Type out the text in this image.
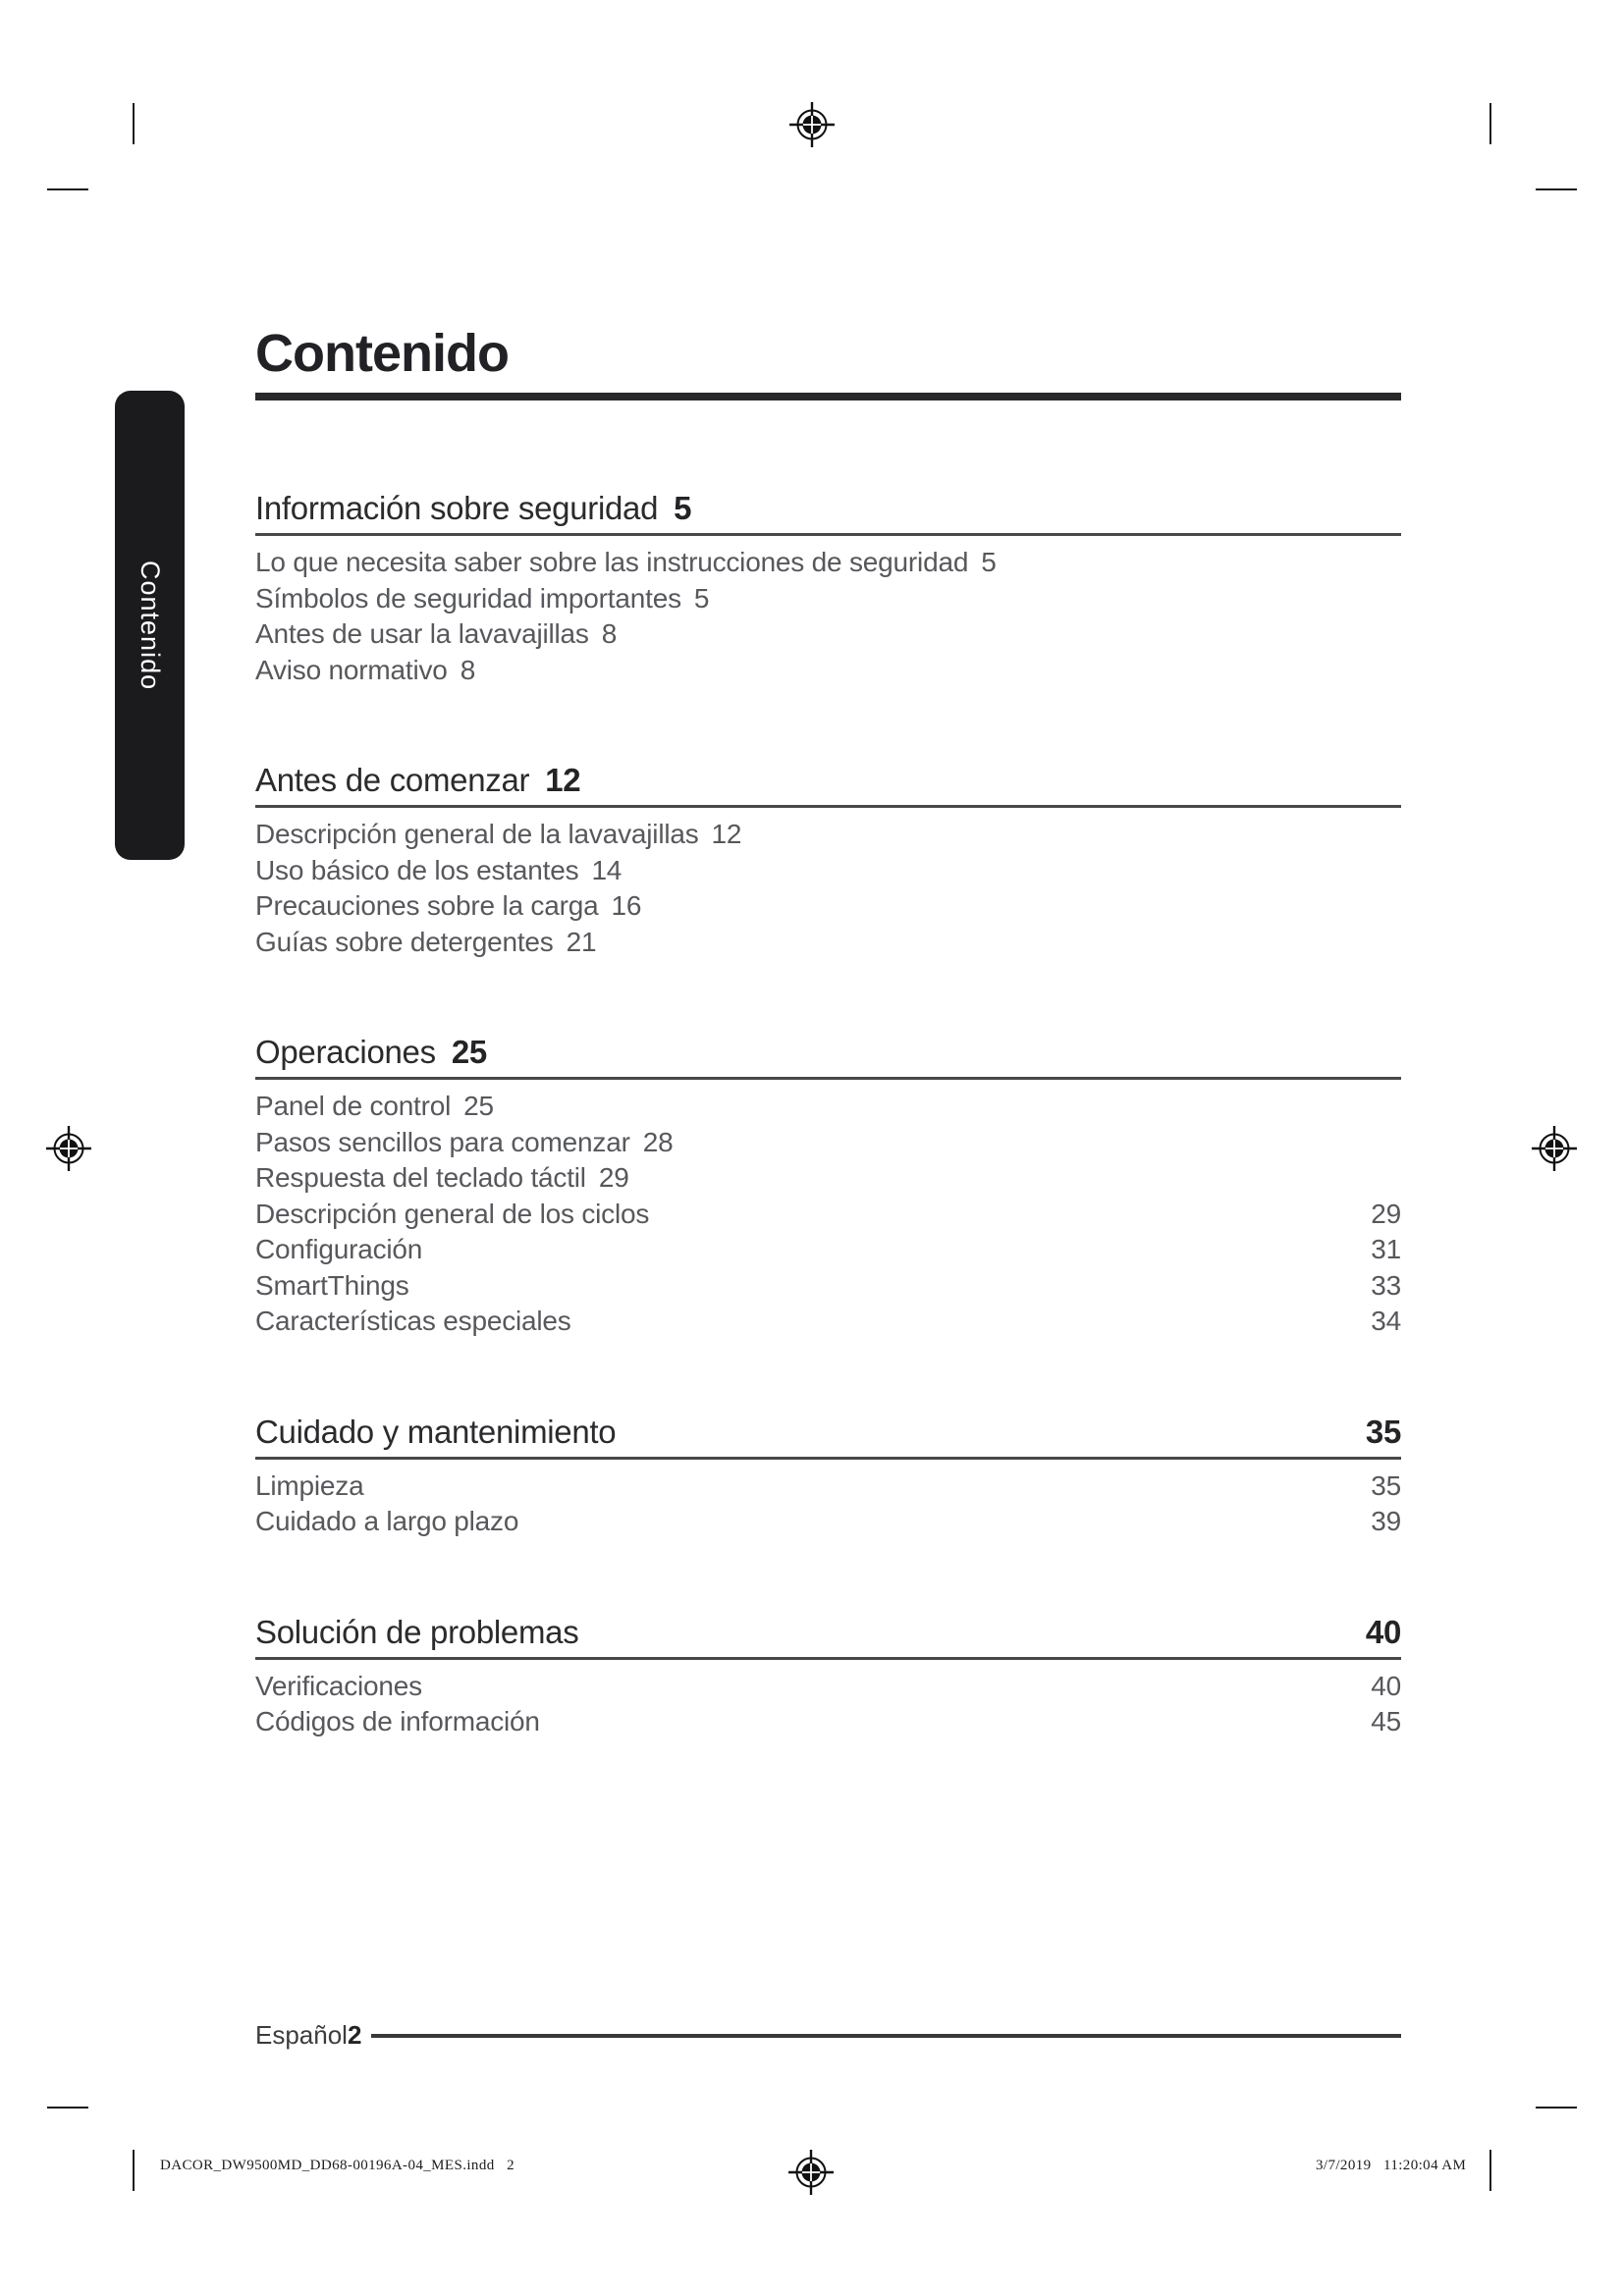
Contenido
Contenido
Información sobre seguridad 5
Lo que necesita saber sobre las instrucciones de seguridad 5
Símbolos de seguridad importantes 5
Antes de usar la lavavajillas 8
Aviso normativo 8
Antes de comenzar 12
Descripción general de la lavavajillas 12
Uso básico de los estantes 14
Precauciones sobre la carga 16
Guías sobre detergentes 21
Operaciones 25
Panel de control 25
Pasos sencillos para comenzar 28
Respuesta del teclado táctil 29
Descripción general de los ciclos	29
Configuración	31
SmartThings	33
Características especiales	34
Cuidado y mantenimiento	35
Limpieza	35
Cuidado a largo plazo	39
Solución de problemas	40
Verificaciones	40
Códigos de información	45
Español2
DACOR_DW9500MD_DD68-00196A-04_MES.indd   2	3/7/2019   11:20:04 AM
